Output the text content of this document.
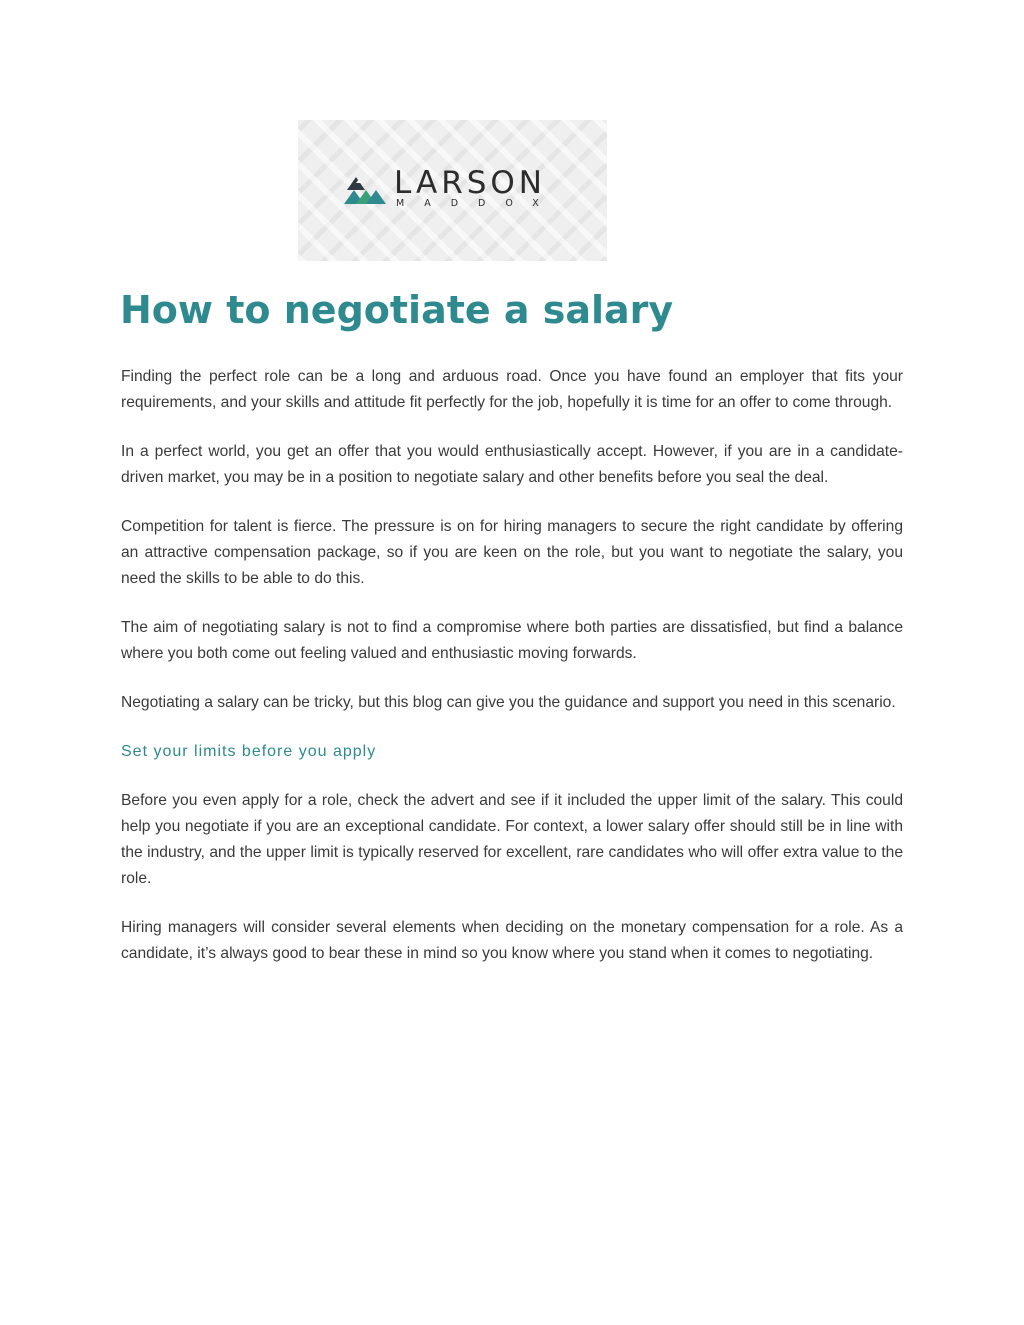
LARSON
MADDOX
How to negotiate a salary

Finding the perfect role can be a long and arduous road. Once you have found an employer that fits your requirements, and your skills and attitude fit perfectly for the job, hopefully it is time for an offer to come through.

In a perfect world, you get an offer that you would enthusiastically accept. However, if you are in a candidate-driven market, you may be in a position to negotiate salary and other benefits before you seal the deal.

Competition for talent is fierce. The pressure is on for hiring managers to secure the right candidate by offering an attractive compensation package, so if you are keen on the role, but you want to negotiate the salary, you need the skills to be able to do this.

The aim of negotiating salary is not to find a compromise where both parties are dissatisfied, but find a balance where you both come out feeling valued and enthusiastic moving forwards.

Negotiating a salary can be tricky, but this blog can give you the guidance and support you need in this scenario.

Set your limits before you apply

Before you even apply for a role, check the advert and see if it included the upper limit of the salary. This could help you negotiate if you are an exceptional candidate. For context, a lower salary offer should still be in line with the industry, and the upper limit is typically reserved for excellent, rare candidates who will offer extra value to the role.

Hiring managers will consider several elements when deciding on the monetary compensation for a role. As a candidate, it’s always good to bear these in mind so you know where you stand when it comes to negotiating.
